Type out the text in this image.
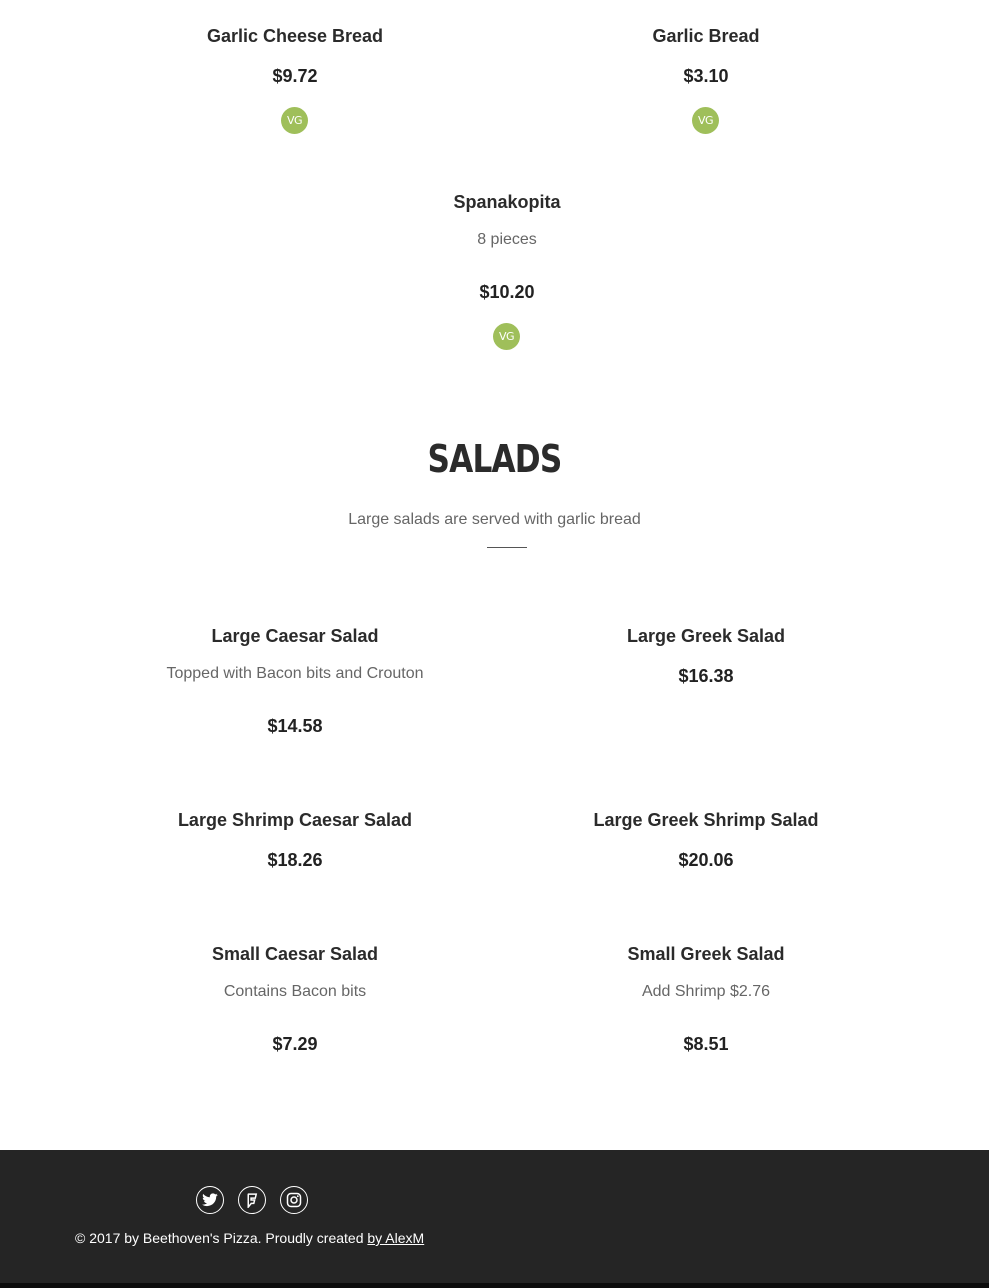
Garlic Cheese Bread
$9.72
VG
Garlic Bread
$3.10
VG
Spanakopita
8 pieces
$10.20
VG
SALADS
Large salads are served with garlic bread
Large Caesar Salad
Topped with Bacon bits and Crouton
$14.58
Large Greek Salad
$16.38
Large Shrimp Caesar Salad
$18.26
Large Greek Shrimp Salad
$20.06
Small Caesar Salad
Contains Bacon bits
$7.29
Small Greek Salad
Add Shrimp $2.76
$8.51
© 2017 by Beethoven's Pizza. Proudly created by AlexM
